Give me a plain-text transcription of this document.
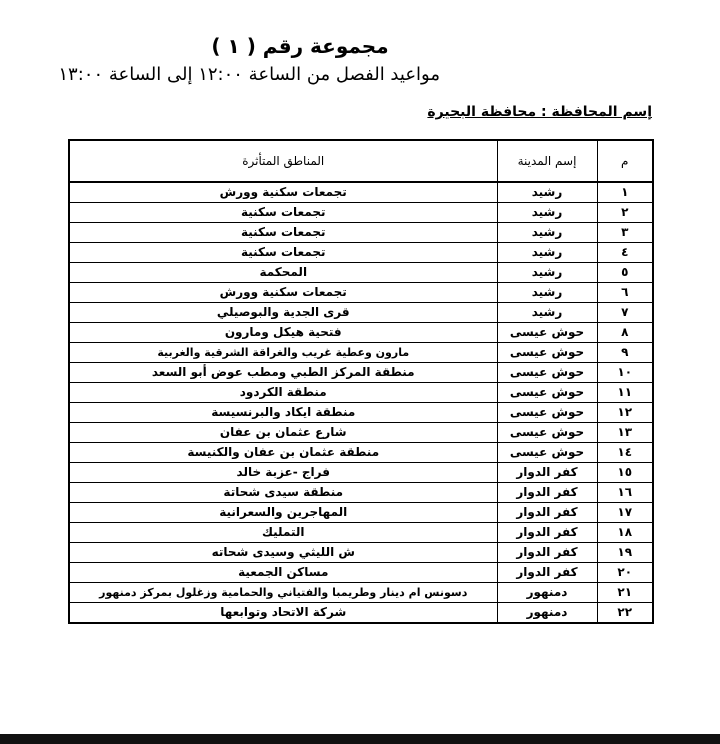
مجموعة رقم ( ١ )
مواعيد الفصل من الساعة ١٢:٠٠ إلى الساعة ١٣:٠٠
إسم المحافظة : محافظة البحيرة
م	إسم المدينة	المناطق المتأثرة
١	رشيد	تجمعات سكنية وورش
٢	رشيد	تجمعات سكنية
٣	رشيد	تجمعات سكنية
٤	رشيد	تجمعات سكنية
٥	رشيد	المحكمة
٦	رشيد	تجمعات سكنية وورش
٧	رشيد	قرى الجدية والبوصيلي
٨	حوش عيسى	فتحية هيكل ومارون
٩	حوش عيسى	مارون وعطية غريب والغراقة الشرقية والغربية
١٠	حوش عيسى	منطقة المركز الطبي ومطب عوض أبو السعد
١١	حوش عيسى	منطقة الكردود
١٢	حوش عيسى	منطقة ايكاد والبرنسيسة
١٣	حوش عيسى	شارع عثمان بن عفان
١٤	حوش عيسى	منطقة عثمان بن عفان والكنيسة
١٥	كفر الدوار	فراج -عزبة خالد
١٦	كفر الدوار	منطقة سيدى شحاتة
١٧	كفر الدوار	المهاجرين والسعرانية
١٨	كفر الدوار	التمليك
١٩	كفر الدوار	ش الليثي وسيدى شحاته
٢٠	كفر الدوار	مساكن الجمعية
٢١	دمنهور	دسونس ام دينار وطريمبا والفتياني والحمامية وزغلول بمركز دمنهور
٢٢	دمنهور	شركة الاتحاد وتوابعها
